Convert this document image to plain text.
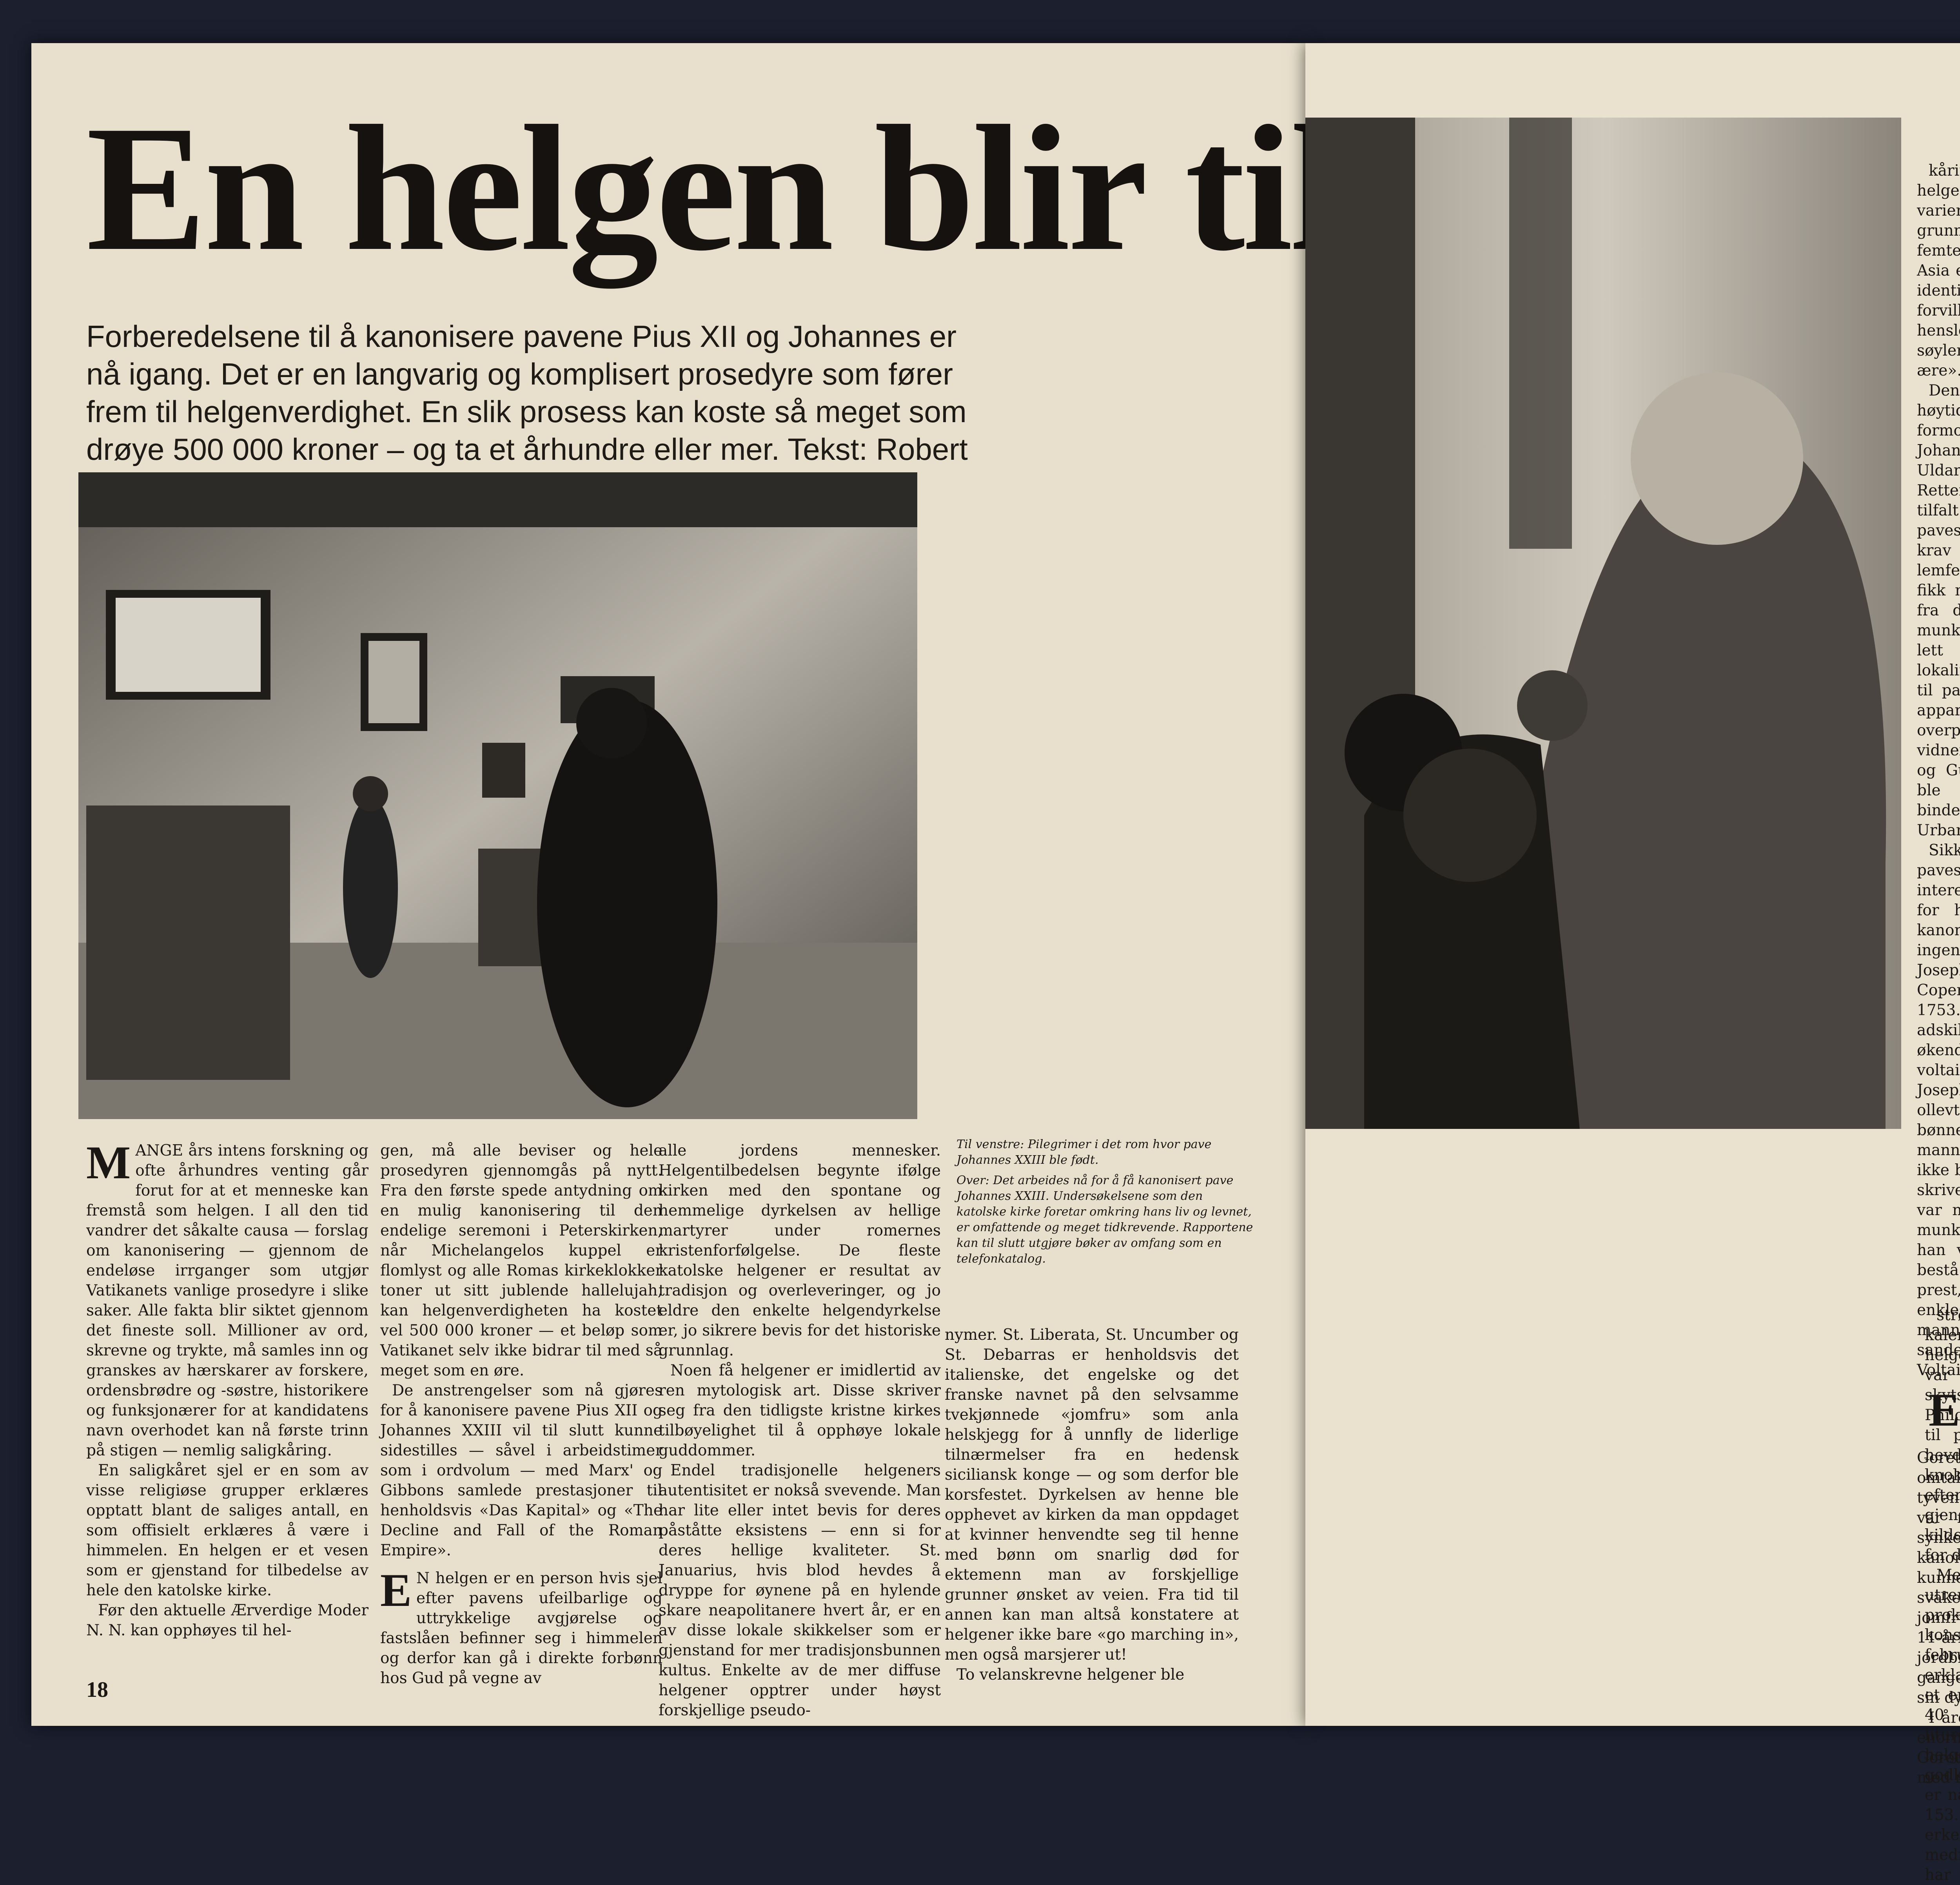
En helgen blir til
Forberedelsene til å kanonisere pavene Pius XII og Johannes er nå igang. Det er en langvarig og komplisert prosedyre som fører frem til helgenverdighet. En slik prosess kan koste så meget som drøye 500 000 kroner – og ta et århundre eller mer. Tekst: Robert

MANGE års intens forskning og ofte århundres venting går forut for at et menneske kan fremstå som helgen. I all den tid vandrer det såkalte causa — forslag om kanonisering — gjennom de endeløse irrganger som utgjør Vatikanets vanlige prosedyre i slike saker. Alle fakta blir siktet gjennom det fineste soll. Millioner av ord, skrevne og trykte, må samles inn og granskes av hærskarer av forskere, ordensbrødre og -søstre, historikere og funksjonærer for at kandidatens navn overhodet kan nå første trinn på stigen — nemlig saligkåring.

En saligkåret sjel er en som av visse religiøse grupper erklæres opptatt blant de saliges antall, en som offisielt erklæres å være i himmelen. En helgen er et vesen som er gjenstand for tilbedelse av hele den katolske kirke.

Før den aktuelle Ærverdige Moder N. N. kan opphøyes til hel-

gen, må alle beviser og hele prosedyren gjennomgås på nytt. Fra den første spede antydning om en mulig kanonisering til den endelige seremoni i Peterskirken, når Michelangelos kuppel er flomlyst og alle Romas kirkeklokker toner ut sitt jublende hallelujah, kan helgenverdigheten ha kostet vel 500 000 kroner — et beløp som Vatikanet selv ikke bidrar til med så meget som en øre.

De anstrengelser som nå gjøres for å kanonisere pavene Pius XII og Johannes XXIII vil til slutt kunne sidestilles — såvel i arbeidstimer som i ordvolum — med Marx' og Gibbons samlede prestasjoner til henholdsvis «Das Kapital» og «The Decline and Fall of the Roman Empire».

E N helgen er en person hvis sjel efter pavens ufeilbarlige og uttrykkelige avgjørelse og fastslåen befinner seg i himmelen og derfor kan gå i direkte forbønn hos Gud på vegne av

alle jordens mennesker. Helgentilbedelsen begynte ifølge kirken med den spontane og hemmelige dyrkelsen av hellige martyrer under romernes kristenforfølgelse. De fleste katolske helgener er resultat av tradisjon og overleveringer, og jo eldre den enkelte helgendyrkelse er, jo sikrere bevis for det historiske grunnlag.

Noen få helgener er imidlertid av ren mytologisk art. Disse skriver seg fra den tidligste kristne kirkes tilbøyelighet til å opphøye lokale guddommer.

Endel tradisjonelle helgeners autentisitet er nokså svevende. Man har lite eller intet bevis for deres påståtte eksistens — enn si for deres hellige kvaliteter. St. Januarius, hvis blod hevdes å dryppe for øynene på en hylende skare neapolitanere hvert år, er en av disse lokale skikkelser som er gjenstand for mer tradisjonsbunnen kultus. Enkelte av de mer diffuse helgener opptrer under høyst forskjellige pseudo-

nymer. St. Liberata, St. Uncumber og St. Debarras er henholdsvis det italienske, det engelske og det franske navnet på den selvsamme tvekjønnede «jomfru» som anla helskjegg for å unnfly de liderlige tilnærmelser fra en hedensk siciliansk konge — og som derfor ble korsfestet. Dyrkelsen av henne ble opphevet av kirken da man oppdaget at kvinner henvendte seg til henne med bønn om snarlig død for ektemenn man av forskjellige grunner ønsket av veien. Fra tid til annen kan man altså konstatere at helgener ikke bare «go marching in», men også marsjerer ut!

To velanskrevne helgener ble

Til venstre: Pilegrimer i det rom hvor pave Johannes XXIII ble født.

Over: Det arbeides nå for å få kanonisert pave Johannes XXIII. Undersøkelsene som den katolske kirke foretar omkring hans liv og levnet, er omfattende og meget tidkrevende. Rapportene kan til slutt utgjøre bøker av omfang som en telefonkatalog.

18

str kale helg var skyt Philo til p hevd knok efter gjen kilde for d

Me utre prok kons febr erkl et e 40 litur helg godk er n 153. erke med har

kåri helge varier grunn femte Asia identi forvill hensl søyler ære».

Den høyti formo Johan Uldar Rette tilfalt paves krav lemfe fikk fra d munk lett lokali til pa appar overp vidnef og G ble binde Urba

Sikk paves intere for h kanon ingen Josep Coper 1753. adski økend voltai Josep ollevt bønn mann ikke b skrive var n munk han bestå prest, enkle mann sande Voltai

E
Goret omtal tyven var synke kanon kunne svake jomfr 11-år jordb gange sin dy

I år enorm Goret med r
